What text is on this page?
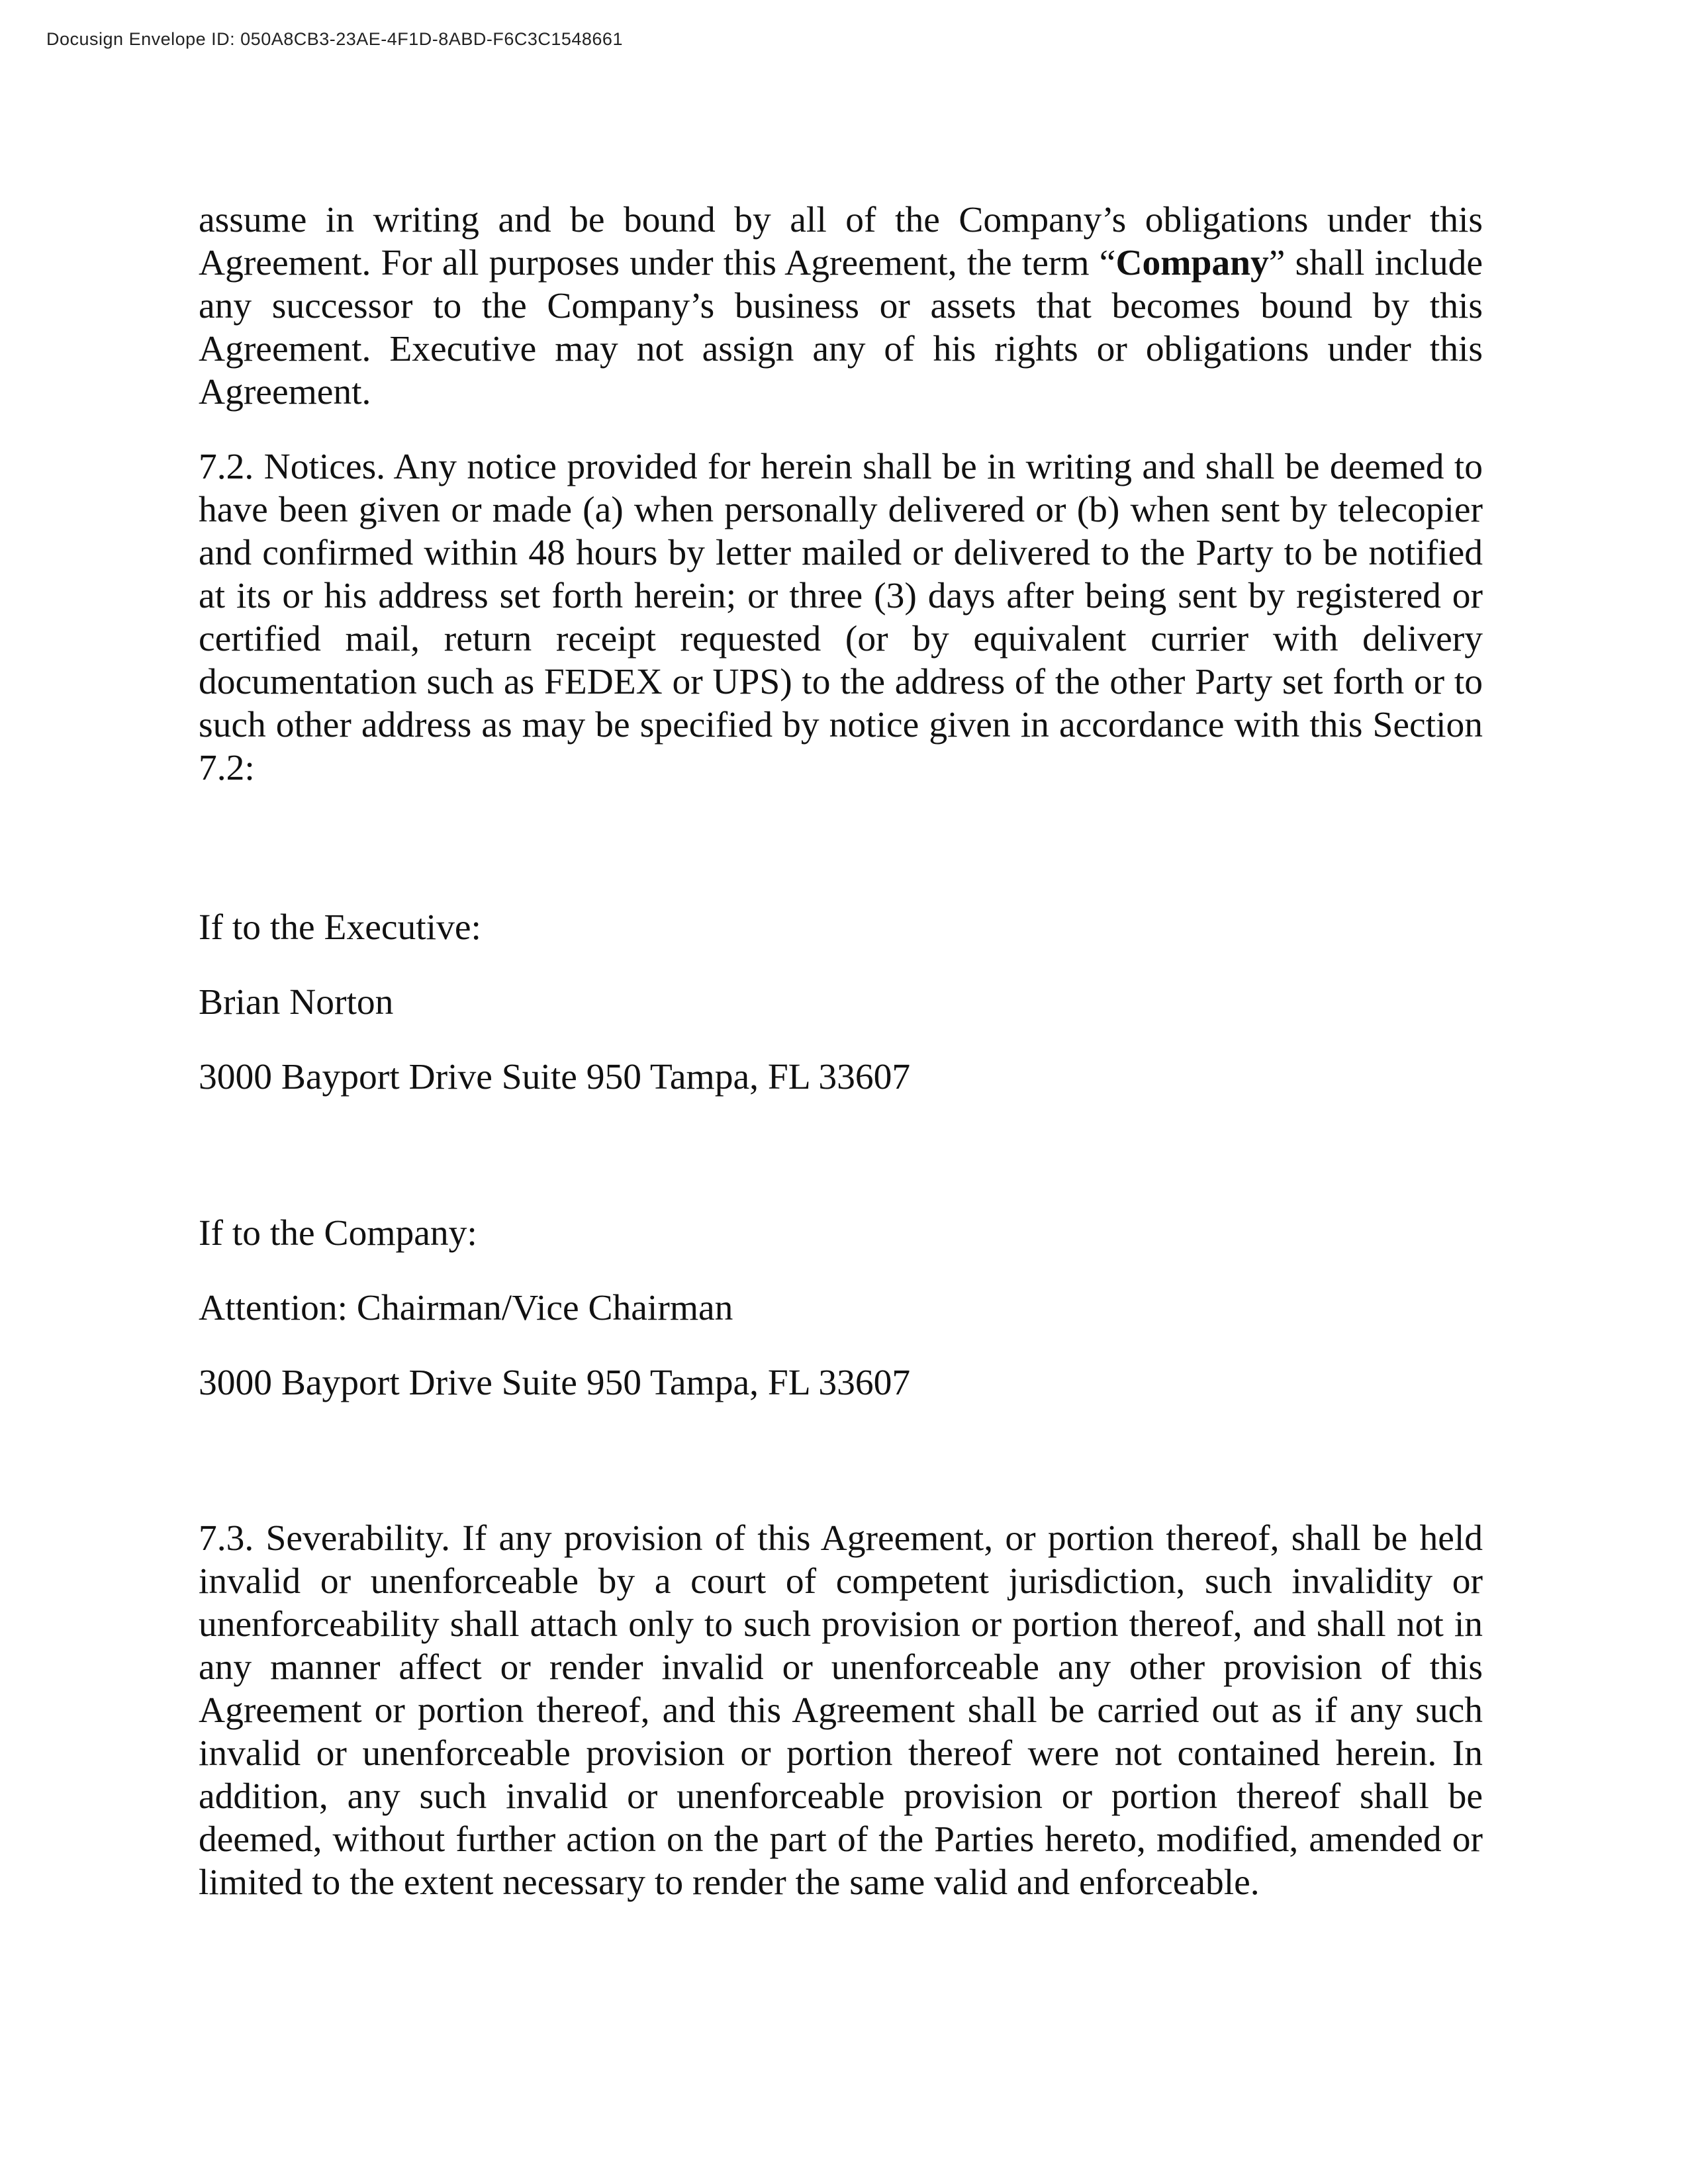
Docusign Envelope ID: 050A8CB3-23AE-4F1D-8ABD-F6C3C1548661

assume in writing and be bound by all of the Company’s obligations under this Agreement. For all purposes under this Agreement, the term “Company” shall include any successor to the Company’s business or assets that becomes bound by this Agreement. Executive may not assign any of his rights or obligations under this Agreement.

7.2. Notices. Any notice provided for herein shall be in writing and shall be deemed to have been given or made (a) when personally delivered or (b) when sent by telecopier and confirmed within 48 hours by letter mailed or delivered to the Party to be notified at its or his address set forth herein; or three (3) days after being sent by registered or certified mail, return receipt requested (or by equivalent currier with delivery documentation such as FEDEX or UPS) to the address of the other Party set forth or to such other address as may be specified by notice given in accordance with this Section 7.2:

If to the Executive:

Brian Norton

3000 Bayport Drive Suite 950 Tampa, FL 33607

If to the Company:

Attention: Chairman/Vice Chairman

3000 Bayport Drive Suite 950 Tampa, FL 33607

7.3. Severability. If any provision of this Agreement, or portion thereof, shall be held invalid or unenforceable by a court of competent jurisdiction, such invalidity or unenforceability shall attach only to such provision or portion thereof, and shall not in any manner affect or render invalid or unenforceable any other provision of this Agreement or portion thereof, and this Agreement shall be carried out as if any such invalid or unenforceable provision or portion thereof were not contained herein. In addition, any such invalid or unenforceable provision or portion thereof shall be deemed, without further action on the part of the Parties hereto, modified, amended or limited to the extent necessary to render the same valid and enforceable.
